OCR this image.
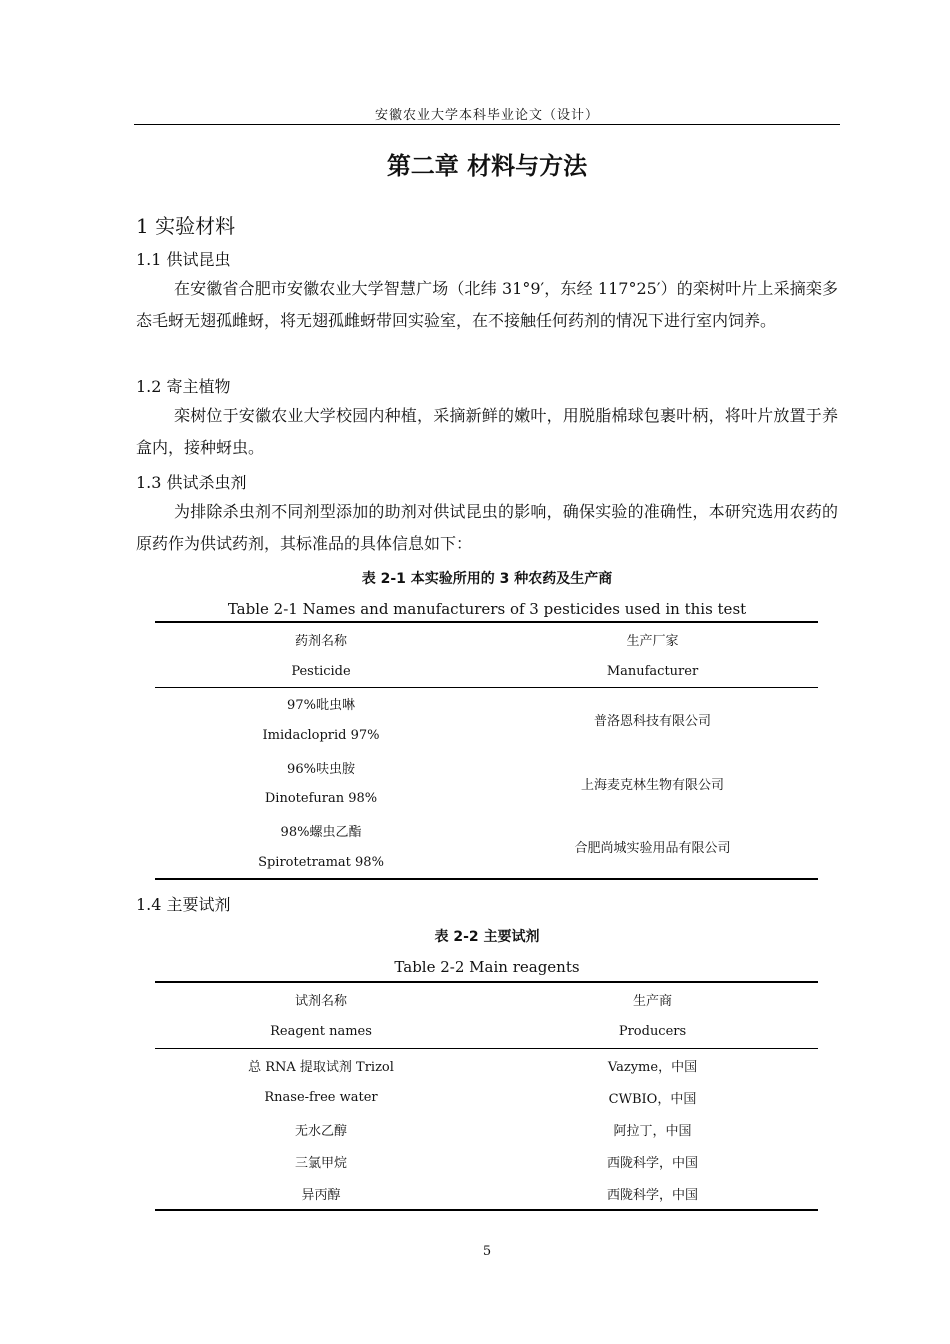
安徽农业大学本科毕业论文（设计）
第二章 材料与方法
1 实验材料
1.1 供试昆虫
在安徽省合肥市安徽农业大学智慧广场（北纬 31°9′，东经 117°25′）的栾树叶片上采摘栾多态毛蚜无翅孤雌蚜，将无翅孤雌蚜带回实验室，在不接触任何药剂的情况下进行室内饲养。
1.2 寄主植物
栾树位于安徽农业大学校园内种植，采摘新鲜的嫩叶，用脱脂棉球包裹叶柄，将叶片放置于养盒内，接种蚜虫。
1.3 供试杀虫剂
为排除杀虫剂不同剂型添加的助剂对供试昆虫的影响，确保实验的准确性，本研究选用农药的原药作为供试药剂，其标准品的具体信息如下：
表 2-1 本实验所用的 3 种农药及生产商
Table 2-1 Names and manufacturers of 3 pesticides used in this test
药剂名称	生产厂家
Pesticide	Manufacturer
97%吡虫啉	普洛恩科技有限公司
Imidacloprid 97%	
96%呋虫胺	上海麦克林生物有限公司
Dinotefuran 98%	
98%螺虫乙酯	合肥尚城实验用品有限公司
Spirotetramat 98%	
1.4 主要试剂
表 2-2 主要试剂
Table 2-2 Main reagents
试剂名称	生产商
Reagent names	Producers
总 RNA 提取试剂 Trizol	Vazyme，中国
Rnase-free water	CWBIO，中国
无水乙醇	阿拉丁，中国
三氯甲烷	西陇科学，中国
异丙醇	西陇科学，中国
5
